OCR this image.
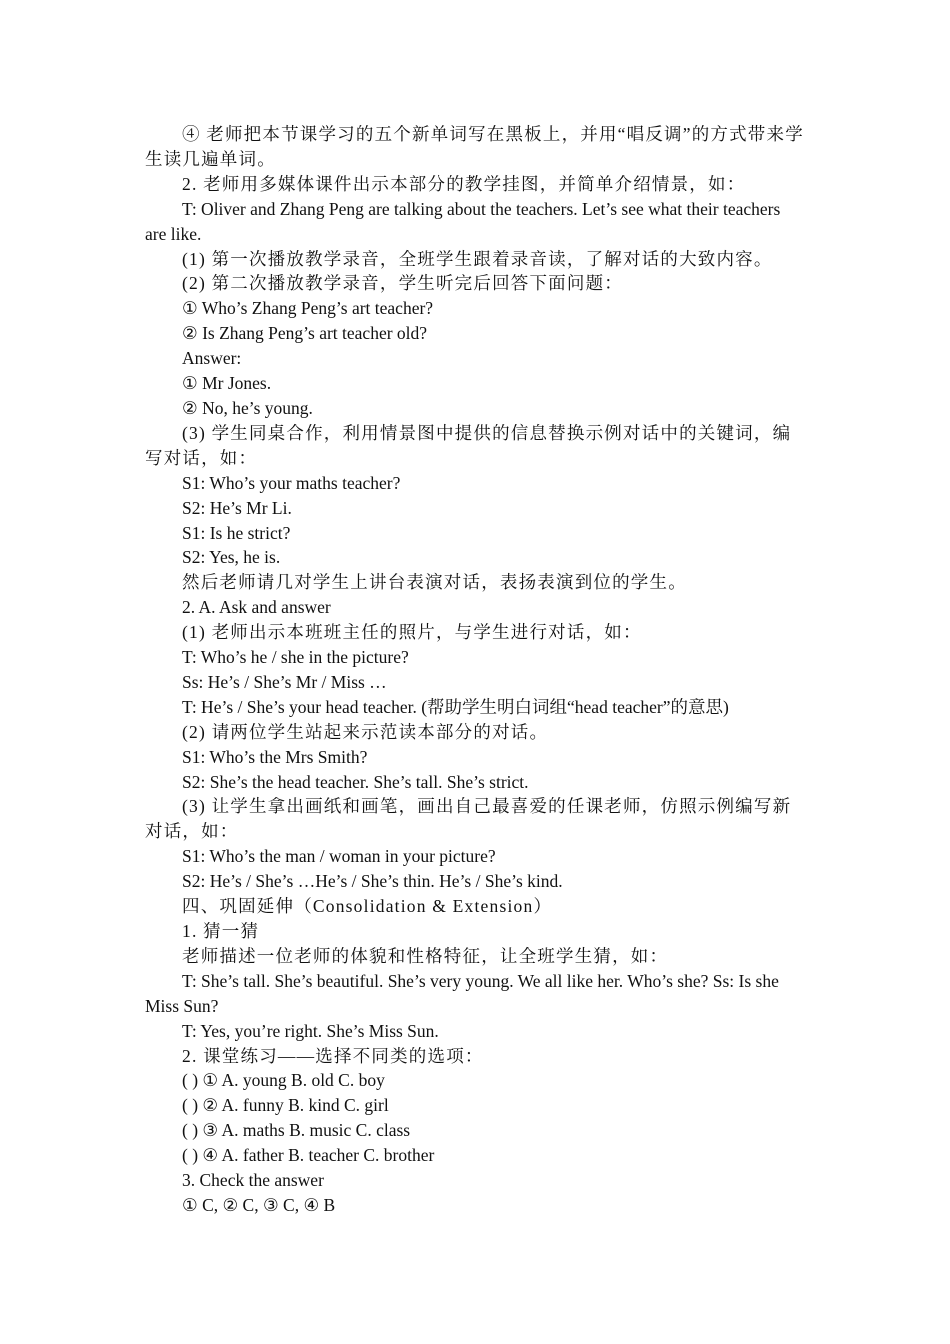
④ 老师把本节课学习的五个新单词写在黑板上，并用“唱反调”的方式带来学生读几遍单词。

2. 老师用多媒体课件出示本部分的教学挂图，并简单介绍情景，如：

T: Oliver and Zhang Peng are talking about the teachers. Let’s see what their teachers are like.

(1) 第一次播放教学录音，全班学生跟着录音读，了解对话的大致内容。

(2) 第二次播放教学录音，学生听完后回答下面问题：

① Who’s Zhang Peng’s art teacher?

② Is Zhang Peng’s art teacher old?

Answer:

① Mr Jones.

② No, he’s young.

(3) 学生同桌合作，利用情景图中提供的信息替换示例对话中的关键词，编写对话，如：

S1: Who’s your maths teacher?

S2: He’s Mr Li.

S1: Is he strict?

S2: Yes, he is.

然后老师请几对学生上讲台表演对话，表扬表演到位的学生。

2. A. Ask and answer

(1) 老师出示本班班主任的照片，与学生进行对话，如：

T: Who’s he / she in the picture?

Ss: He’s / She’s Mr / Miss …

T: He’s / She’s your head teacher. (帮助学生明白词组“head teacher”的意思)

(2) 请两位学生站起来示范读本部分的对话。

S1: Who’s the Mrs Smith?

S2: She’s the head teacher. She’s tall. She’s strict.

(3) 让学生拿出画纸和画笔，画出自己最喜爱的任课老师，仿照示例编写新对话，如：

S1: Who’s the man / woman in your picture?

S2: He’s / She’s …He’s / She’s thin. He’s / She’s kind.

四、巩固延伸（Consolidation & Extension）

1. 猜一猜

老师描述一位老师的体貌和性格特征，让全班学生猜，如：

T: She’s tall. She’s beautiful. She’s very young. We all like her. Who’s she? Ss: Is she Miss Sun?

T: Yes, you’re right. She’s Miss Sun.

2. 课堂练习——选择不同类的选项：

( ) ① A. young B. old C. boy

( ) ② A. funny B. kind C. girl

( ) ③ A. maths B. music C. class

( ) ④ A. father B. teacher C. brother

3. Check the answer

① C, ② C, ③ C, ④ B
